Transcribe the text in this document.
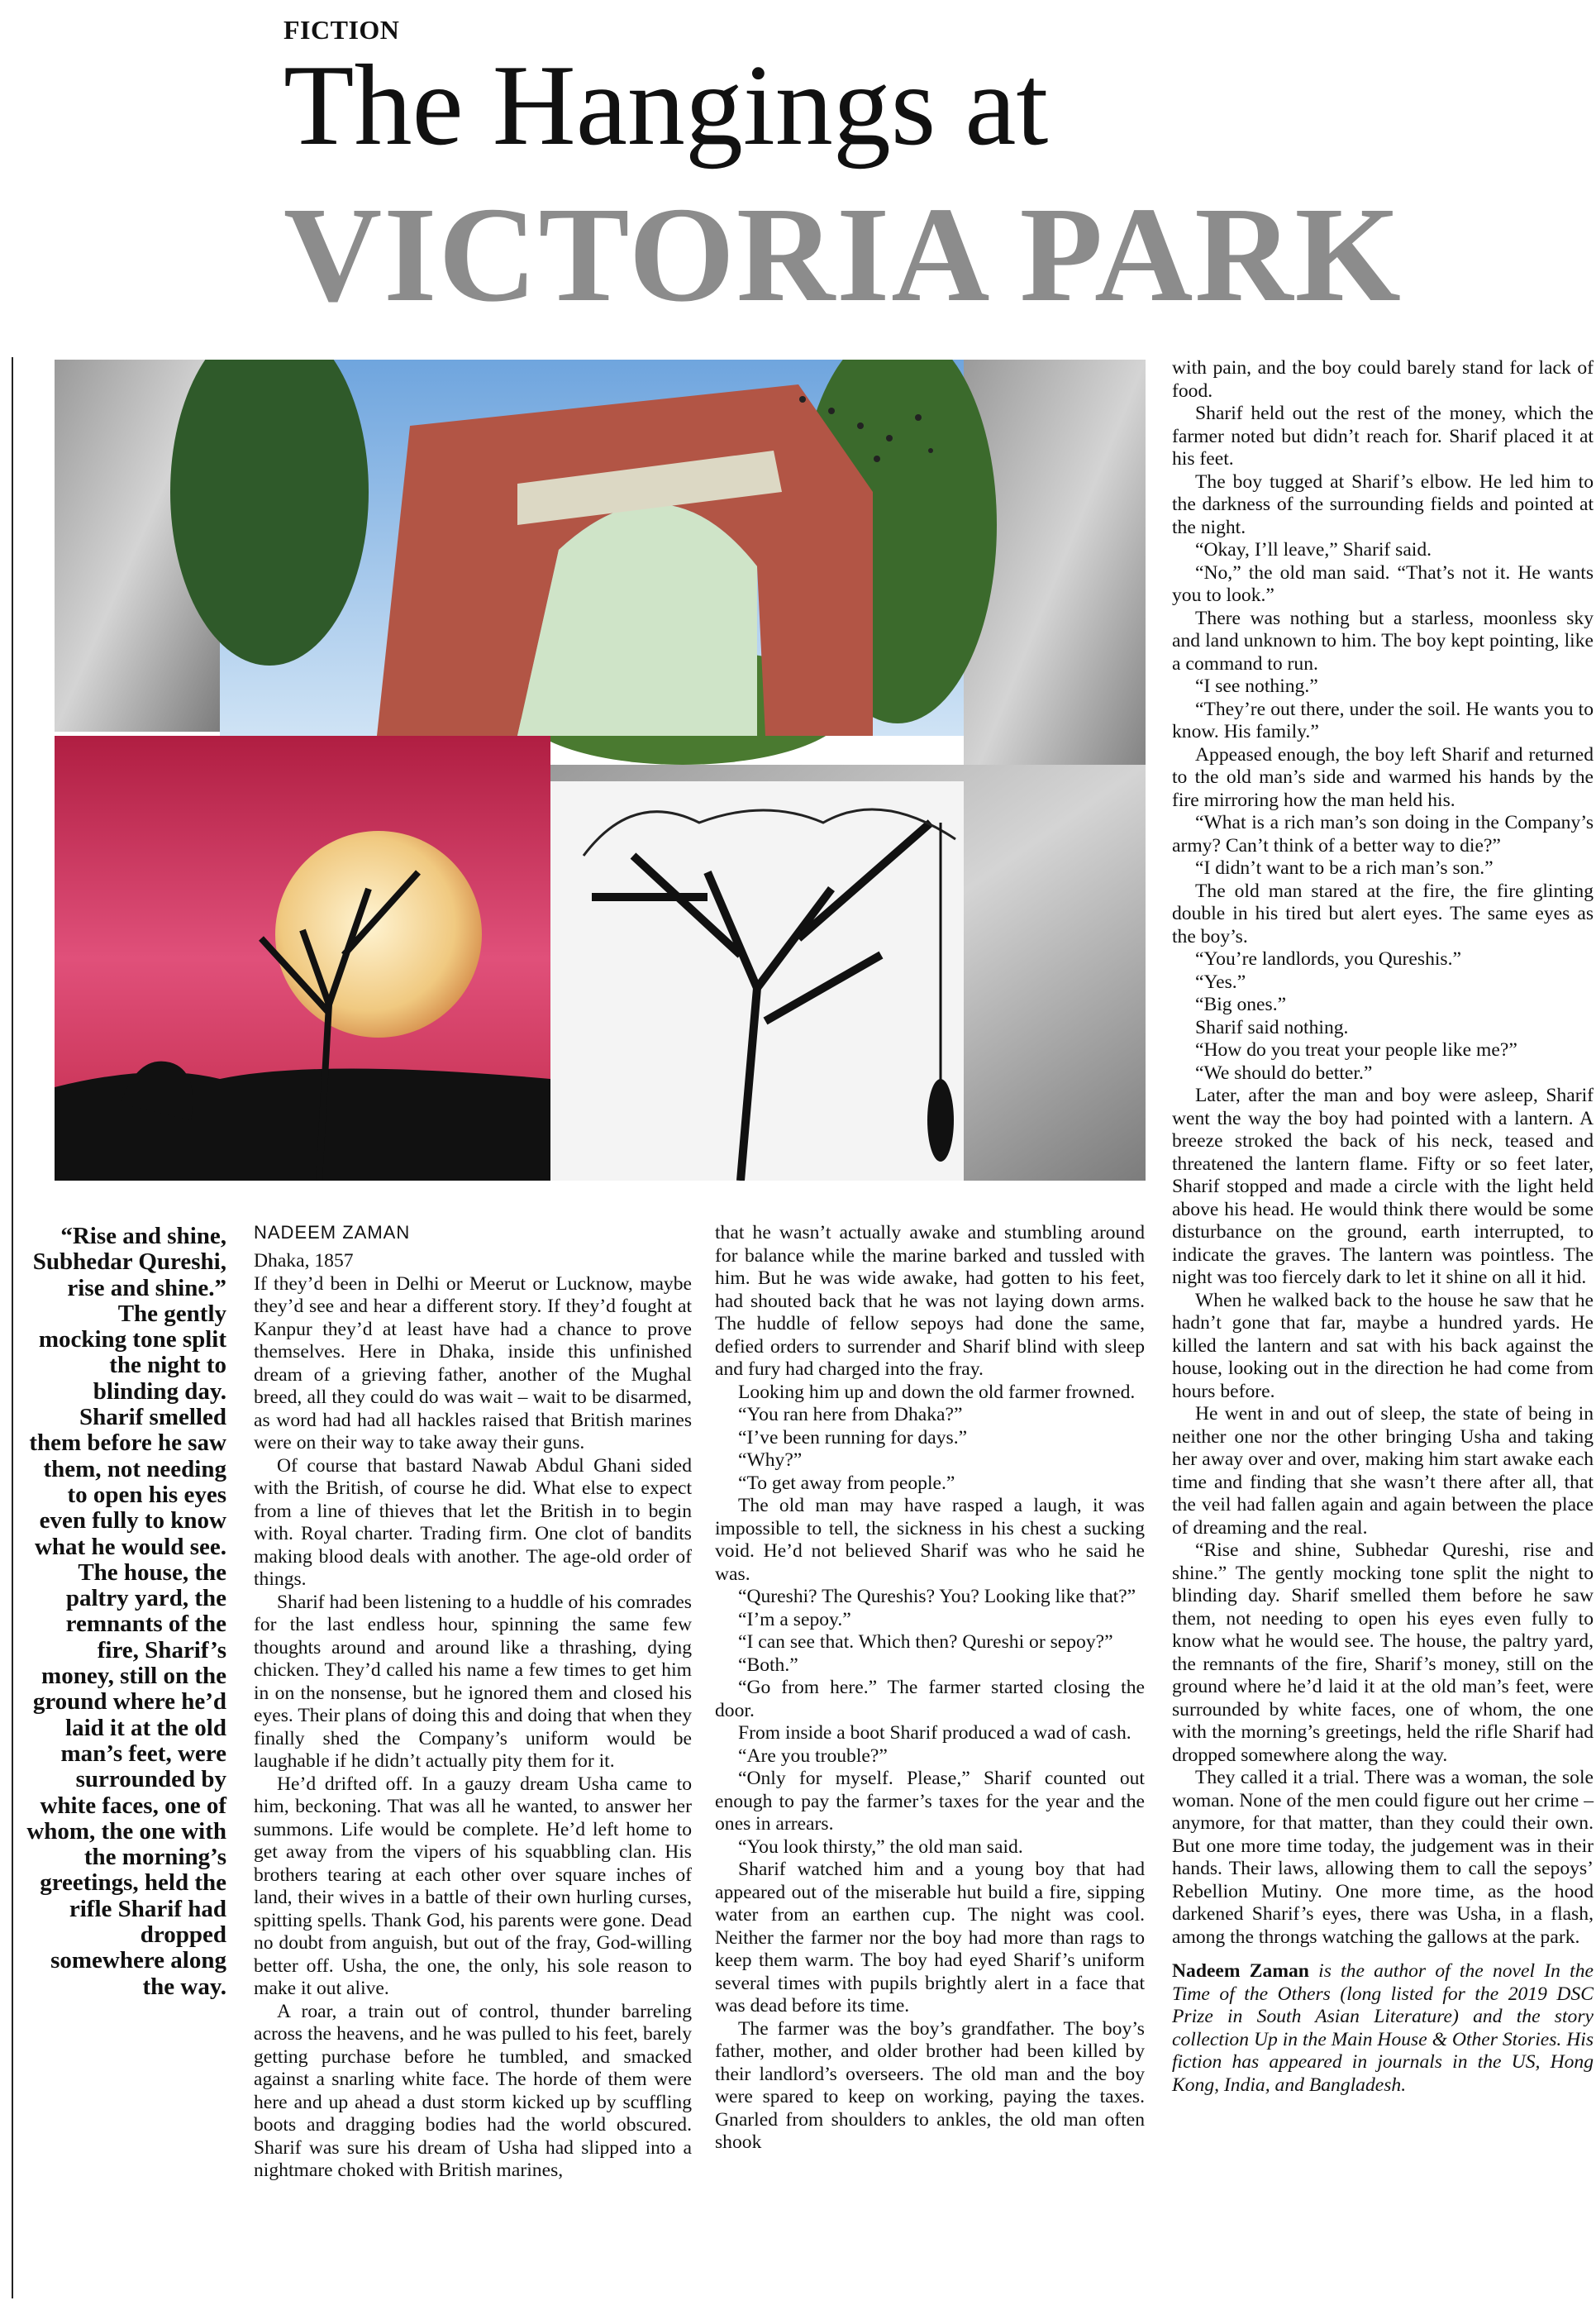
FICTION
The Hangings at
VICTORIA PARK
“Rise and shine, Subhedar Qureshi, rise and shine.” The gently mocking tone split the night to blinding day. Sharif smelled them before he saw them, not needing to open his eyes even fully to know what he would see. The house, the paltry yard, the remnants of the fire, Sharif’s money, still on the ground where he’d laid it at the old man’s feet, were surrounded by white faces, one of whom, the one with the morning’s greetings, held the rifle Sharif had dropped somewhere along the way.
NADEEM ZAMAN

Dhaka, 1857

If they’d been in Delhi or Meerut or Lucknow, maybe they’d see and hear a different story. If they’d fought at Kanpur they’d at least have had a chance to prove themselves. Here in Dhaka, inside this unfinished dream of a grieving father, another of the Mughal breed, all they could do was wait – wait to be disarmed, as word had had all hackles raised that British marines were on their way to take away their guns.

Of course that bastard Nawab Abdul Ghani sided with the British, of course he did. What else to expect from a line of thieves that let the British in to begin with. Royal charter. Trading firm. One clot of bandits making blood deals with another. The age-old order of things.

Sharif had been listening to a huddle of his comrades for the last endless hour, spinning the same few thoughts around and around like a thrashing, dying chicken. They’d called his name a few times to get him in on the nonsense, but he ignored them and closed his eyes. Their plans of doing this and doing that when they finally shed the Company’s uniform would be laughable if he didn’t actually pity them for it.

He’d drifted off. In a gauzy dream Usha came to him, beckoning. That was all he wanted, to answer her summons. Life would be complete. He’d left home to get away from the vipers of his squabbling clan. His brothers tearing at each other over square inches of land, their wives in a battle of their own hurling curses, spitting spells. Thank God, his parents were gone. Dead no doubt from anguish, but out of the fray, God-willing better off. Usha, the one, the only, his sole reason to make it out alive.

A roar, a train out of control, thunder barreling across the heavens, and he was pulled to his feet, barely getting purchase before he tumbled, and smacked against a snarling white face. The horde of them were here and up ahead a dust storm kicked up by scuffling boots and dragging bodies had the world obscured. Sharif was sure his dream of Usha had slipped into a nightmare choked with British marines,

that he wasn’t actually awake and stumbling around for balance while the marine barked and tussled with him. But he was wide awake, had gotten to his feet, had shouted back that he was not laying down arms. The huddle of fellow sepoys had done the same, defied orders to surrender and Sharif blind with sleep and fury had charged into the fray.

Looking him up and down the old farmer frowned.

“You ran here from Dhaka?”

“I’ve been running for days.”

“Why?”

“To get away from people.”

The old man may have rasped a laugh, it was impossible to tell, the sickness in his chest a sucking void. He’d not believed Sharif was who he said he was.

“Qureshi? The Qureshis? You? Looking like that?”

“I’m a sepoy.”

“I can see that. Which then? Qureshi or sepoy?”

“Both.”

“Go from here.” The farmer started closing the door.

From inside a boot Sharif produced a wad of cash.

“Are you trouble?”

“Only for myself. Please,” Sharif counted out enough to pay the farmer’s taxes for the year and the ones in arrears.

“You look thirsty,” the old man said.

Sharif watched him and a young boy that had appeared out of the miserable hut build a fire, sipping water from an earthen cup. The night was cool. Neither the farmer nor the boy had more than rags to keep them warm. The boy had eyed Sharif’s uniform several times with pupils brightly alert in a face that was dead before its time.

The farmer was the boy’s grandfather. The boy’s father, mother, and older brother had been killed by their landlord’s overseers. The old man and the boy were spared to keep on working, paying the taxes. Gnarled from shoulders to ankles, the old man often shook

with pain, and the boy could barely stand for lack of food.

Sharif held out the rest of the money, which the farmer noted but didn’t reach for. Sharif placed it at his feet.

The boy tugged at Sharif’s elbow. He led him to the darkness of the surrounding fields and pointed at the night.

“Okay, I’ll leave,” Sharif said.

“No,” the old man said. “That’s not it. He wants you to look.”

There was nothing but a starless, moonless sky and land unknown to him. The boy kept pointing, like a command to run.

“I see nothing.”

“They’re out there, under the soil. He wants you to know. His family.”

Appeased enough, the boy left Sharif and returned to the old man’s side and warmed his hands by the fire mirroring how the man held his.

“What is a rich man’s son doing in the Company’s army? Can’t think of a better way to die?”

“I didn’t want to be a rich man’s son.”

The old man stared at the fire, the fire glinting double in his tired but alert eyes. The same eyes as the boy’s.

“You’re landlords, you Qureshis.”

“Yes.”

“Big ones.”

Sharif said nothing.

“How do you treat your people like me?”

“We should do better.”

Later, after the man and boy were asleep, Sharif went the way the boy had pointed with a lantern. A breeze stroked the back of his neck, teased and threatened the lantern flame. Fifty or so feet later, Sharif stopped and made a circle with the light held above his head. He would think there would be some disturbance on the ground, earth interrupted, to indicate the graves. The lantern was pointless. The night was too fiercely dark to let it shine on all it hid.

When he walked back to the house he saw that he hadn’t gone that far, maybe a hundred yards. He killed the lantern and sat with his back against the house, looking out in the direction he had come from hours before.

He went in and out of sleep, the state of being in neither one nor the other bringing Usha and taking her away over and over, making him start awake each time and finding that she wasn’t there after all, that the veil had fallen again and again between the place of dreaming and the real.

“Rise and shine, Subhedar Qureshi, rise and shine.” The gently mocking tone split the night to blinding day. Sharif smelled them before he saw them, not needing to open his eyes even fully to know what he would see. The house, the paltry yard, the remnants of the fire, Sharif’s money, still on the ground where he’d laid it at the old man’s feet, were surrounded by white faces, one of whom, the one with the morning’s greetings, held the rifle Sharif had dropped somewhere along the way.

They called it a trial. There was a woman, the sole woman. None of the men could figure out her crime – anymore, for that matter, than they could their own. But one more time today, the judgement was in their hands. Their laws, allowing them to call the sepoys’ Rebellion Mutiny. One more time, as the hood darkened Sharif’s eyes, there was Usha, in a flash, among the throngs watching the gallows at the park.

Nadeem Zaman is the author of the novel In the Time of the Others (long listed for the 2019 DSC Prize in South Asian Literature) and the story collection Up in the Main House & Other Stories. His fiction has appeared in journals in the US, Hong Kong, India, and Bangladesh.
